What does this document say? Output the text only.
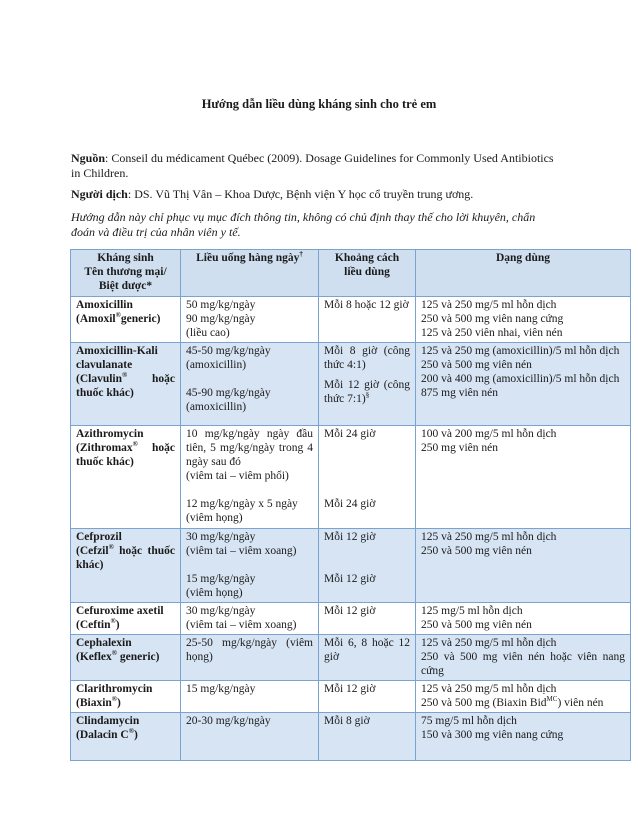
Hướng dẫn liều dùng kháng sinh cho trẻ em
Nguồn: Conseil du médicament Québec (2009). Dosage Guidelines for Commonly Used Antibiotics in Children.
Người dịch: DS. Vũ Thị Vân – Khoa Dược, Bệnh viện Y học cổ truyền trung ương.
Hướng dẫn này chỉ phục vụ mục đích thông tin, không có chủ định thay thế cho lời khuyên, chẩn đoán và điều trị của nhân viên y tế.
Kháng sinh
Tên thương mại/
Biệt dược*	Liều uống hàng ngày†	Khoảng cách
liều dùng	Dạng dùng

Amoxicillin
(Amoxil®generic)	50 mg/kg/ngày
90 mg/kg/ngày
(liều cao)	Mỗi 8 hoặc 12 giờ	125 và 250 mg/5 ml hỗn dịch
250 và 500 mg viên nang cứng
125 và 250 viên nhai, viên nén

Amoxicillin-Kali clavulanate
(Clavulin® hoặc thuốc khác)	45-50 mg/kg/ngày (amoxicillin)
45-90 mg/kg/ngày (amoxicillin)	Mỗi 8 giờ (công thức 4:1)
Mỗi 12 giờ (công thức 7:1)§	125 và 250 mg (amoxicillin)/5 ml hỗn dịch
250 và 500 mg viên nén
200 và 400 mg (amoxicillin)/5 ml hỗn dịch
875 mg viên nén

Azithromycin
(Zithromax® hoặc thuốc khác)	10 mg/kg/ngày ngày đầu tiên, 5 mg/kg/ngày trong 4 ngày sau đó
(viêm tai – viêm phổi)
12 mg/kg/ngày x 5 ngày
(viêm họng)	Mỗi 24 giờ
Mỗi 24 giờ	100 và 200 mg/5 ml hỗn dịch
250 mg viên nén

Cefprozil
(Cefzil® hoặc thuốc khác)	30 mg/kg/ngày
(viêm tai – viêm xoang)
15 mg/kg/ngày
(viêm họng)	Mỗi 12 giờ
Mỗi 12 giờ	125 và 250 mg/5 ml hỗn dịch
250 và 500 mg viên nén

Cefuroxime axetil
(Ceftin®)	30 mg/kg/ngày
(viêm tai – viêm xoang)	Mỗi 12 giờ	125 mg/5 ml hỗn dịch
250 và 500 mg viên nén

Cephalexin
(Keflex® generic)	25-50 mg/kg/ngày (viêm họng)	Mỗi 6, 8 hoặc 12 giờ	125 và 250 mg/5 ml hỗn dịch
250 và 500 mg viên nén hoặc viên nang cứng

Clarithromycin
(Biaxin®)	15 mg/kg/ngày	Mỗi 12 giờ	125 và 250 mg/5 ml hỗn dịch
250 và 500 mg (Biaxin Bid$^{MC}$) viên nén

Clindamycin
(Dalacin C®)	20-30 mg/kg/ngày	Mỗi 8 giờ	75 mg/5 ml hỗn dịch
150 và 300 mg viên nang cứng
